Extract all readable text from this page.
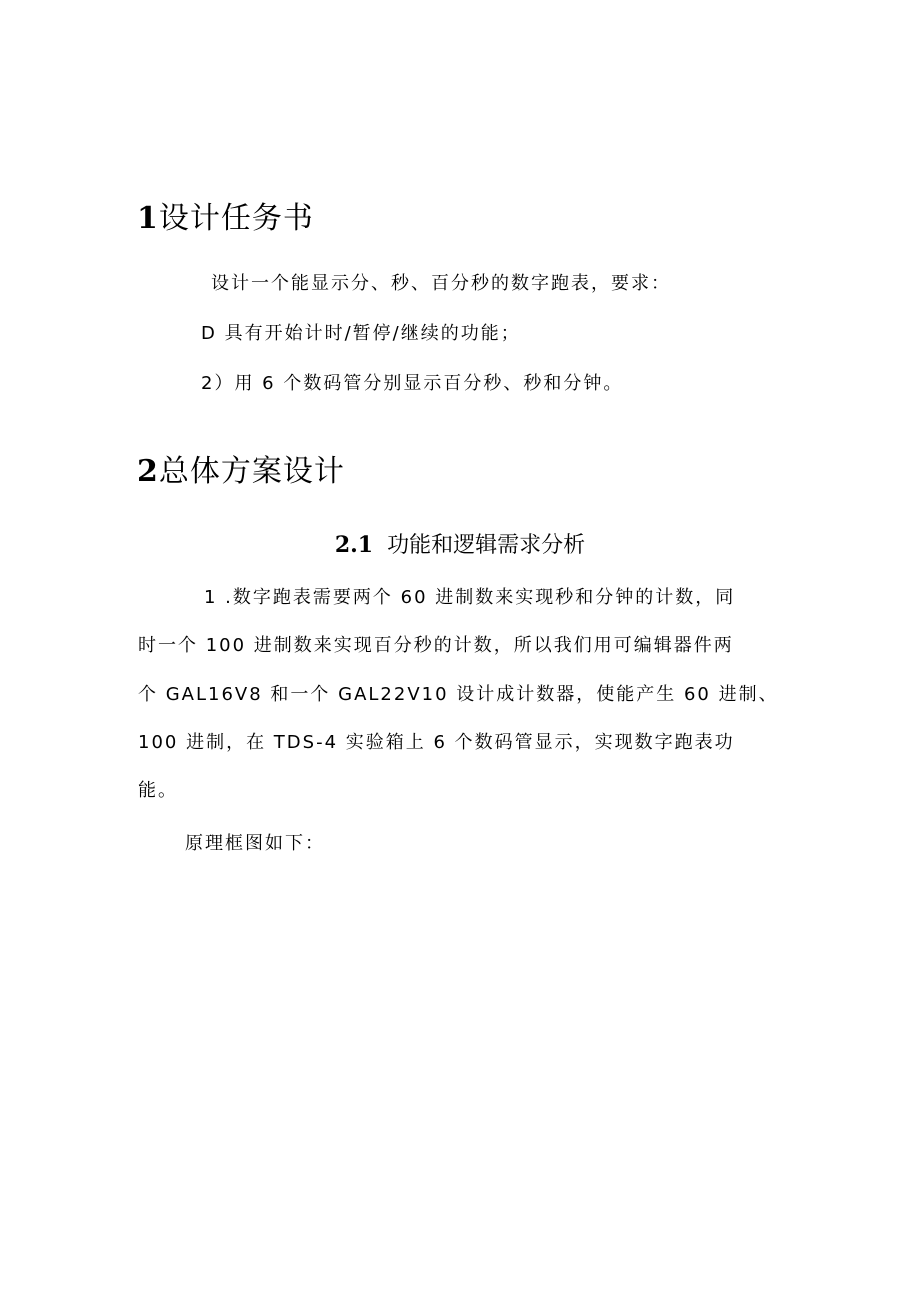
1设计任务书

设计一个能显示分、秒、百分秒的数字跑表，要求：

D 具有开始计时/暂停/继续的功能；

2）用 6 个数码管分别显示百分秒、秒和分钟。

2总体方案设计
2.1 功能和逻辑需求分析

1 .数字跑表需要两个 60 进制数来实现秒和分钟的计数，同

时一个 100 进制数来实现百分秒的计数，所以我们用可编辑器件两

个 GAL16V8 和一个 GAL22V10 设计成计数器，使能产生 60 进制、

100 进制，在 TDS-4 实验箱上 6 个数码管显示，实现数字跑表功

能。

原理框图如下：
